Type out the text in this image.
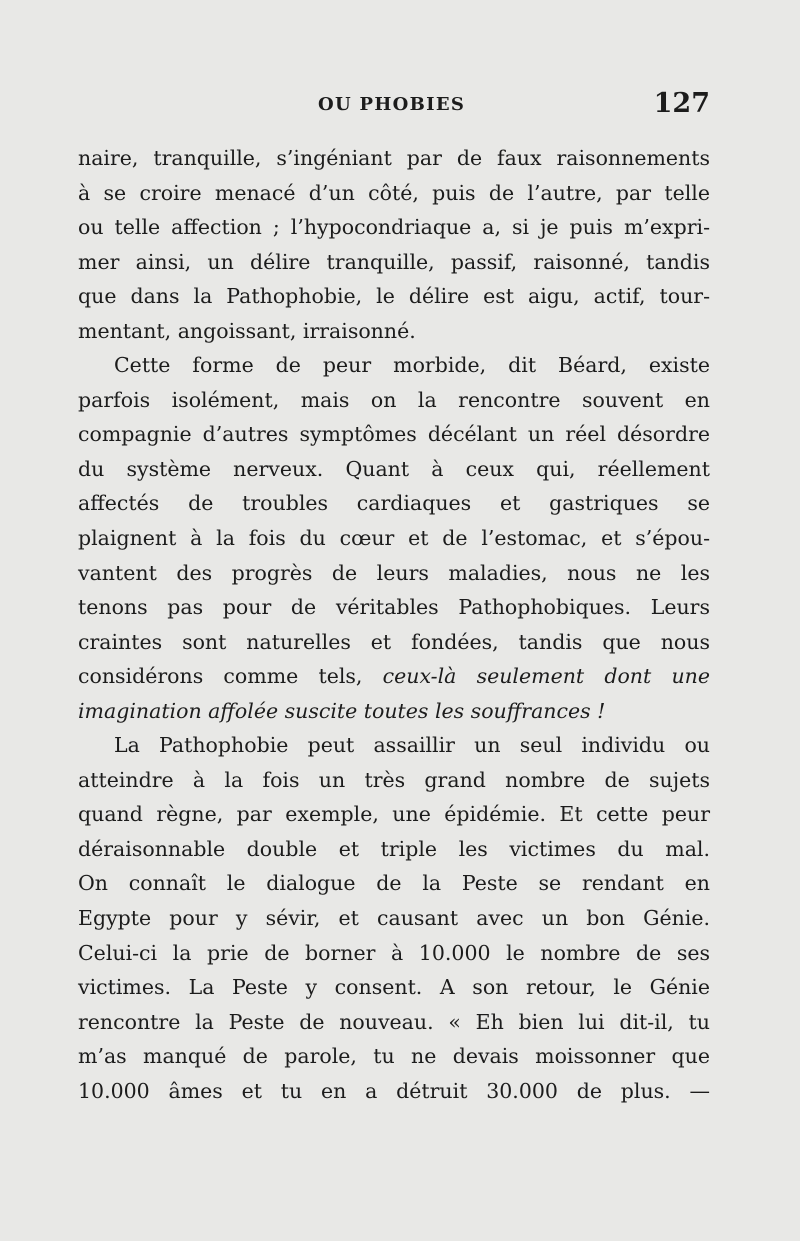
OU PHOBIES	127
naire, tranquille, s’ingéniant par de faux raisonnements
à se croire menacé d’un côté, puis de l’autre, par telle
ou telle affection ; l’hypocondriaque a, si je puis m’expri-
mer ainsi, un délire tranquille, passif, raisonné, tandis
que dans la Pathophobie, le délire est aigu, actif, tour-
mentant, angoissant, irraisonné.
Cette forme de peur morbide, dit Béard, existe
parfois isolément, mais on la rencontre souvent en
compagnie d’autres symptômes décélant un réel désordre
du système nerveux. Quant à ceux qui, réellement
affectés de troubles cardiaques et gastriques se
plaignent à la fois du cœur et de l’estomac, et s’épou-
vantent des progrès de leurs maladies, nous ne les
tenons pas pour de véritables Pathophobiques. Leurs
craintes sont naturelles et fondées, tandis que nous
considérons comme tels, ceux-là seulement dont une
imagination affolée suscite toutes les souffrances !
La Pathophobie peut assaillir un seul individu ou
atteindre à la fois un très grand nombre de sujets
quand règne, par exemple, une épidémie. Et cette peur
déraisonnable double et triple les victimes du mal.
On connaît le dialogue de la Peste se rendant en
Egypte pour y sévir, et causant avec un bon Génie.
Celui-ci la prie de borner à 10.000 le nombre de ses
victimes. La Peste y consent. A son retour, le Génie
rencontre la Peste de nouveau. « Eh bien lui dit-il, tu
m’as manqué de parole, tu ne devais moissonner que
10.000 âmes et tu en a détruit 30.000 de plus. —
